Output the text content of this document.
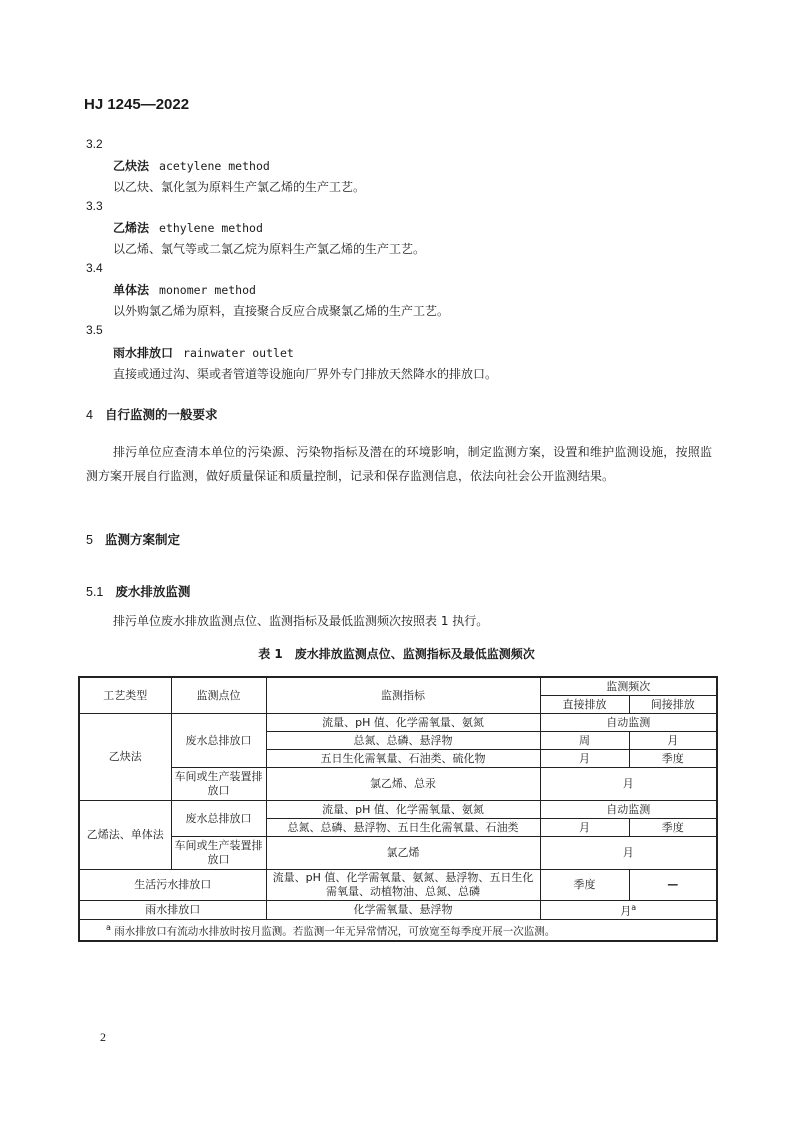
HJ 1245—2022
3.2
乙炔法 acetylene method
以乙炔、氯化氢为原料生产氯乙烯的生产工艺。
3.3
乙烯法 ethylene method
以乙烯、氯气等或二氯乙烷为原料生产氯乙烯的生产工艺。
3.4
单体法 monomer method
以外购氯乙烯为原料，直接聚合反应合成聚氯乙烯的生产工艺。
3.5
雨水排放口 rainwater outlet
直接或通过沟、渠或者管道等设施向厂界外专门排放天然降水的排放口。
4 自行监测的一般要求
排污单位应查清本单位的污染源、污染物指标及潜在的环境影响，制定监测方案，设置和维护监测设施，按照监测方案开展自行监测，做好质量保证和质量控制，记录和保存监测信息，依法向社会公开监测结果。
5 监测方案制定
5.1 废水排放监测
排污单位废水排放监测点位、监测指标及最低监测频次按照表 1 执行。
表 1 废水排放监测点位、监测指标及最低监测频次
工艺类型	监测点位	监测指标	监测频次	
			直接排放	间接排放
乙炔法	废水总排放口	流量、pH 值、化学需氧量、氨氮	自动监测	
		总氮、总磷、悬浮物	周	月
		五日生化需氧量、石油类、硫化物	月	季度
	车间或生产装置排放口	氯乙烯、总汞	月	
乙烯法、单体法	废水总排放口	流量、pH 值、化学需氧量、氨氮	自动监测	
		总氮、总磷、悬浮物、五日生化需氧量、石油类	月	季度
	车间或生产装置排放口	氯乙烯	月	
生活污水排放口		流量、pH 值、化学需氧量、氨氮、悬浮物、五日生化需氧量、动植物油、总氮、总磷	季度	—
雨水排放口		化学需氧量、悬浮物	月$^a$
$^a$ 雨水排放口有流动水排放时按月监测。若监测一年无异常情况，可放宽至每季度开展一次监测。				
2
